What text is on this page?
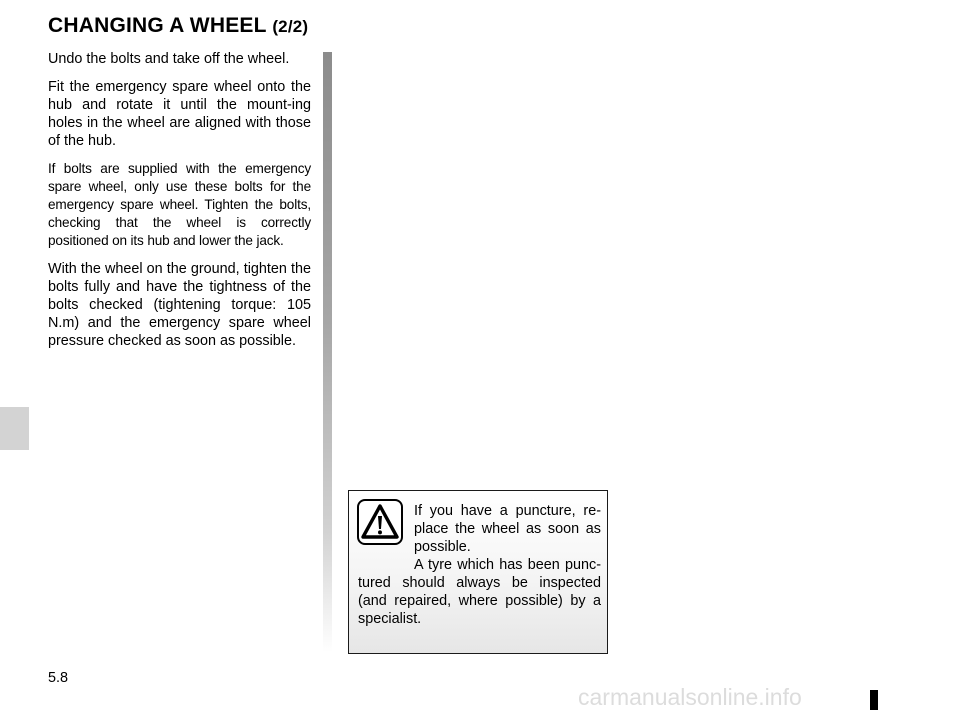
CHANGING A WHEEL (2/2)

Undo the bolts and take off the wheel.

Fit the emergency spare wheel onto the hub and rotate it until the mount-ing holes in the wheel are aligned with those of the hub.

If bolts are supplied with the emergency spare wheel, only use these bolts for the emergency spare wheel. Tighten the bolts, checking that the wheel is correctly positioned on its hub and lower the jack.

With the wheel on the ground, tighten the bolts fully and have the tightness of the bolts checked (tightening torque: 105 N.m) and the emergency spare wheel pressure checked as soon as possible.

If you have a puncture, re-place the wheel as soon as possible.

A tyre which has been punc-tured should always be inspected (and repaired, where possible) by a specialist.

5.8
carmanualsonline.info
